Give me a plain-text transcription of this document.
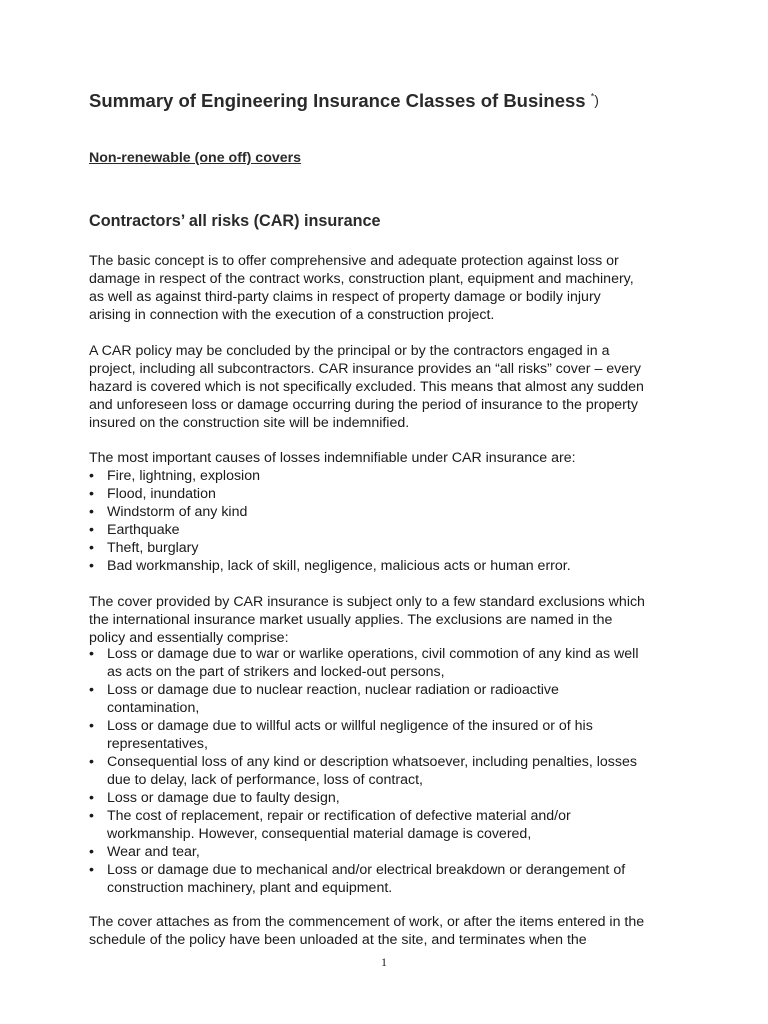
Summary of Engineering Insurance Classes of Business *)
Non-renewable (one off) covers
Contractors’ all risks (CAR) insurance

The basic concept is to offer comprehensive and adequate protection against loss or
damage in respect of the contract works, construction plant, equipment and machinery,
as well as against third-party claims in respect of property damage or bodily injury
arising in connection with the execution of a construction project.

A CAR policy may be concluded by the principal or by the contractors engaged in a
project, including all subcontractors. CAR insurance provides an “all risks” cover – every
hazard is covered which is not specifically excluded. This means that almost any sudden
and unforeseen loss or damage occurring during the period of insurance to the property
insured on the construction site will be indemnified.

The most important causes of losses indemnifiable under CAR insurance are:

• Fire, lightning, explosion
• Flood, inundation
• Windstorm of any kind
• Earthquake
• Theft, burglary
• Bad workmanship, lack of skill, negligence, malicious acts or human error.

The cover provided by CAR insurance is subject only to a few standard exclusions which
the international insurance market usually applies. The exclusions are named in the
policy and essentially comprise:

• Loss or damage due to war or warlike operations, civil commotion of any kind as well
as acts on the part of strikers and locked-out persons,
• Loss or damage due to nuclear reaction, nuclear radiation or radioactive
contamination,
• Loss or damage due to willful acts or willful negligence of the insured or of his
representatives,
• Consequential loss of any kind or description whatsoever, including penalties, losses
due to delay, lack of performance, loss of contract,
• Loss or damage due to faulty design,
• The cost of replacement, repair or rectification of defective material and/or
workmanship. However, consequential material damage is covered,
• Wear and tear,
• Loss or damage due to mechanical and/or electrical breakdown or derangement of
construction machinery, plant and equipment.

The cover attaches as from the commencement of work, or after the items entered in the
schedule of the policy have been unloaded at the site, and terminates when the

1
